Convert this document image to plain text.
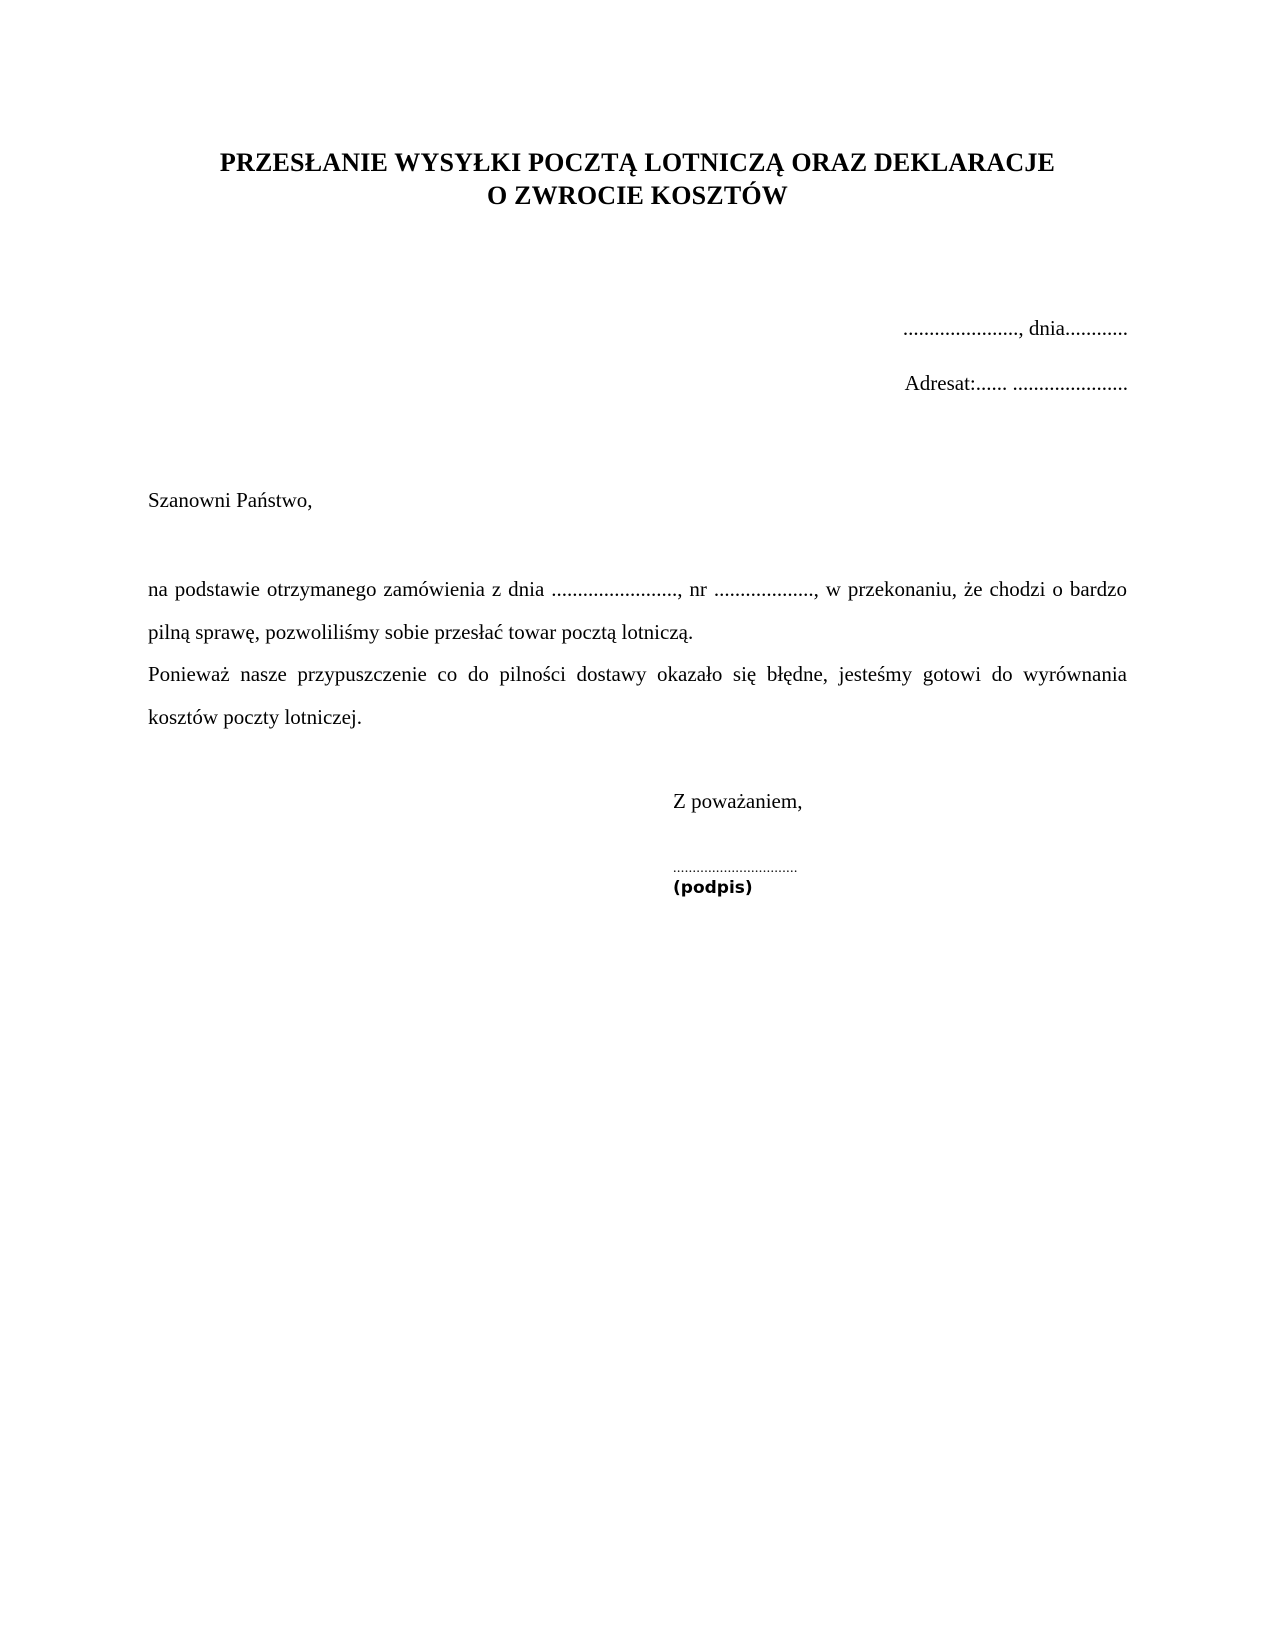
PRZESŁANIE WYSYŁKI POCZTĄ LOTNICZĄ ORAZ DEKLARACJE
O ZWROCIE KOSZTÓW
......................, dnia............
Adresat:...... ......................
Szanowni Państwo,

na podstawie otrzymanego zamówienia z dnia ........................, nr ..................., w przekonaniu, że chodzi o bardzo pilną sprawę, pozwoliliśmy sobie przesłać towar pocztą lotniczą.

Ponieważ nasze przypuszczenie co do pilności dostawy okazało się błędne, jesteśmy gotowi do wyrównania kosztów poczty lotniczej.

Z poważaniem,
................................
(podpis)
